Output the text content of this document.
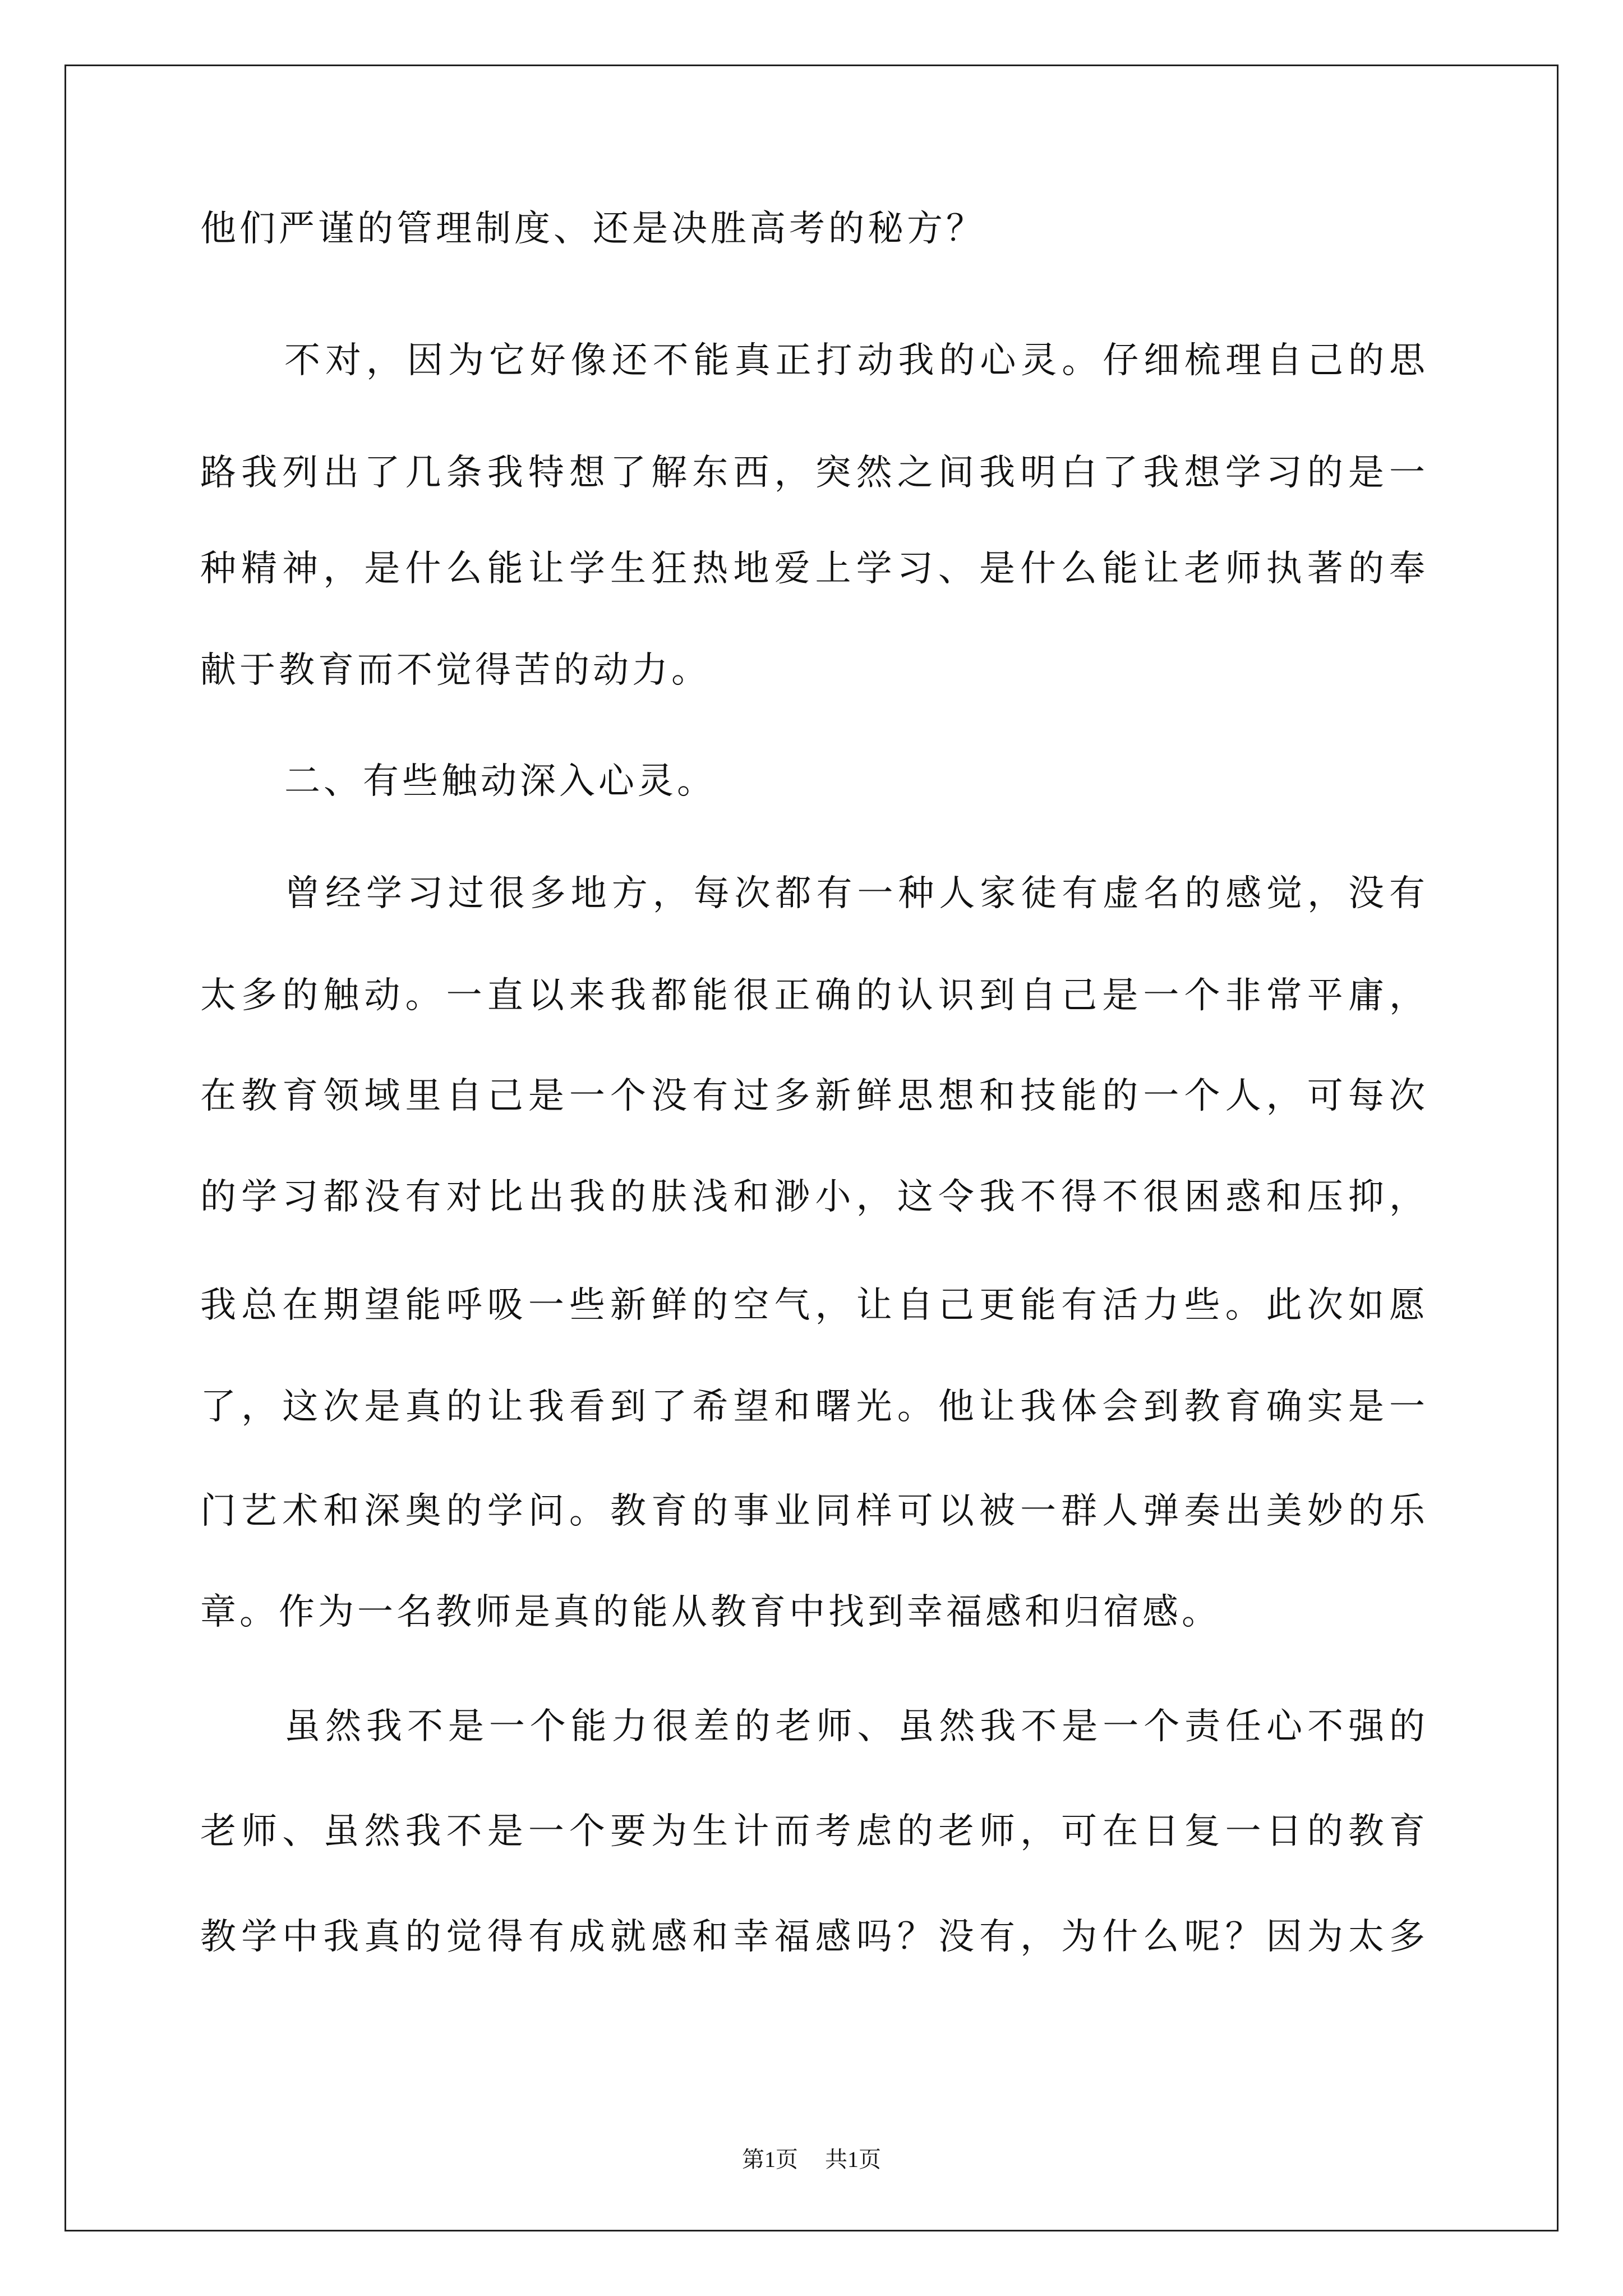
他们严谨的管理制度、还是决胜高考的秘方？
不对，因为它好像还不能真正打动我的心灵。仔细梳理自己的思
路我列出了几条我特想了解东西，突然之间我明白了我想学习的是一
种精神，是什么能让学生狂热地爱上学习、是什么能让老师执著的奉
献于教育而不觉得苦的动力。
二、有些触动深入心灵。
曾经学习过很多地方，每次都有一种人家徒有虚名的感觉，没有
太多的触动。一直以来我都能很正确的认识到自己是一个非常平庸，
在教育领域里自己是一个没有过多新鲜思想和技能的一个人，可每次
的学习都没有对比出我的肤浅和渺小，这令我不得不很困惑和压抑，
我总在期望能呼吸一些新鲜的空气，让自己更能有活力些。此次如愿
了，这次是真的让我看到了希望和曙光。他让我体会到教育确实是一
门艺术和深奥的学问。教育的事业同样可以被一群人弹奏出美妙的乐
章。作为一名教师是真的能从教育中找到幸福感和归宿感。
虽然我不是一个能力很差的老师、虽然我不是一个责任心不强的
老师、虽然我不是一个要为生计而考虑的老师，可在日复一日的教育
教学中我真的觉得有成就感和幸福感吗？没有，为什么呢？因为太多
第1页 共1页
